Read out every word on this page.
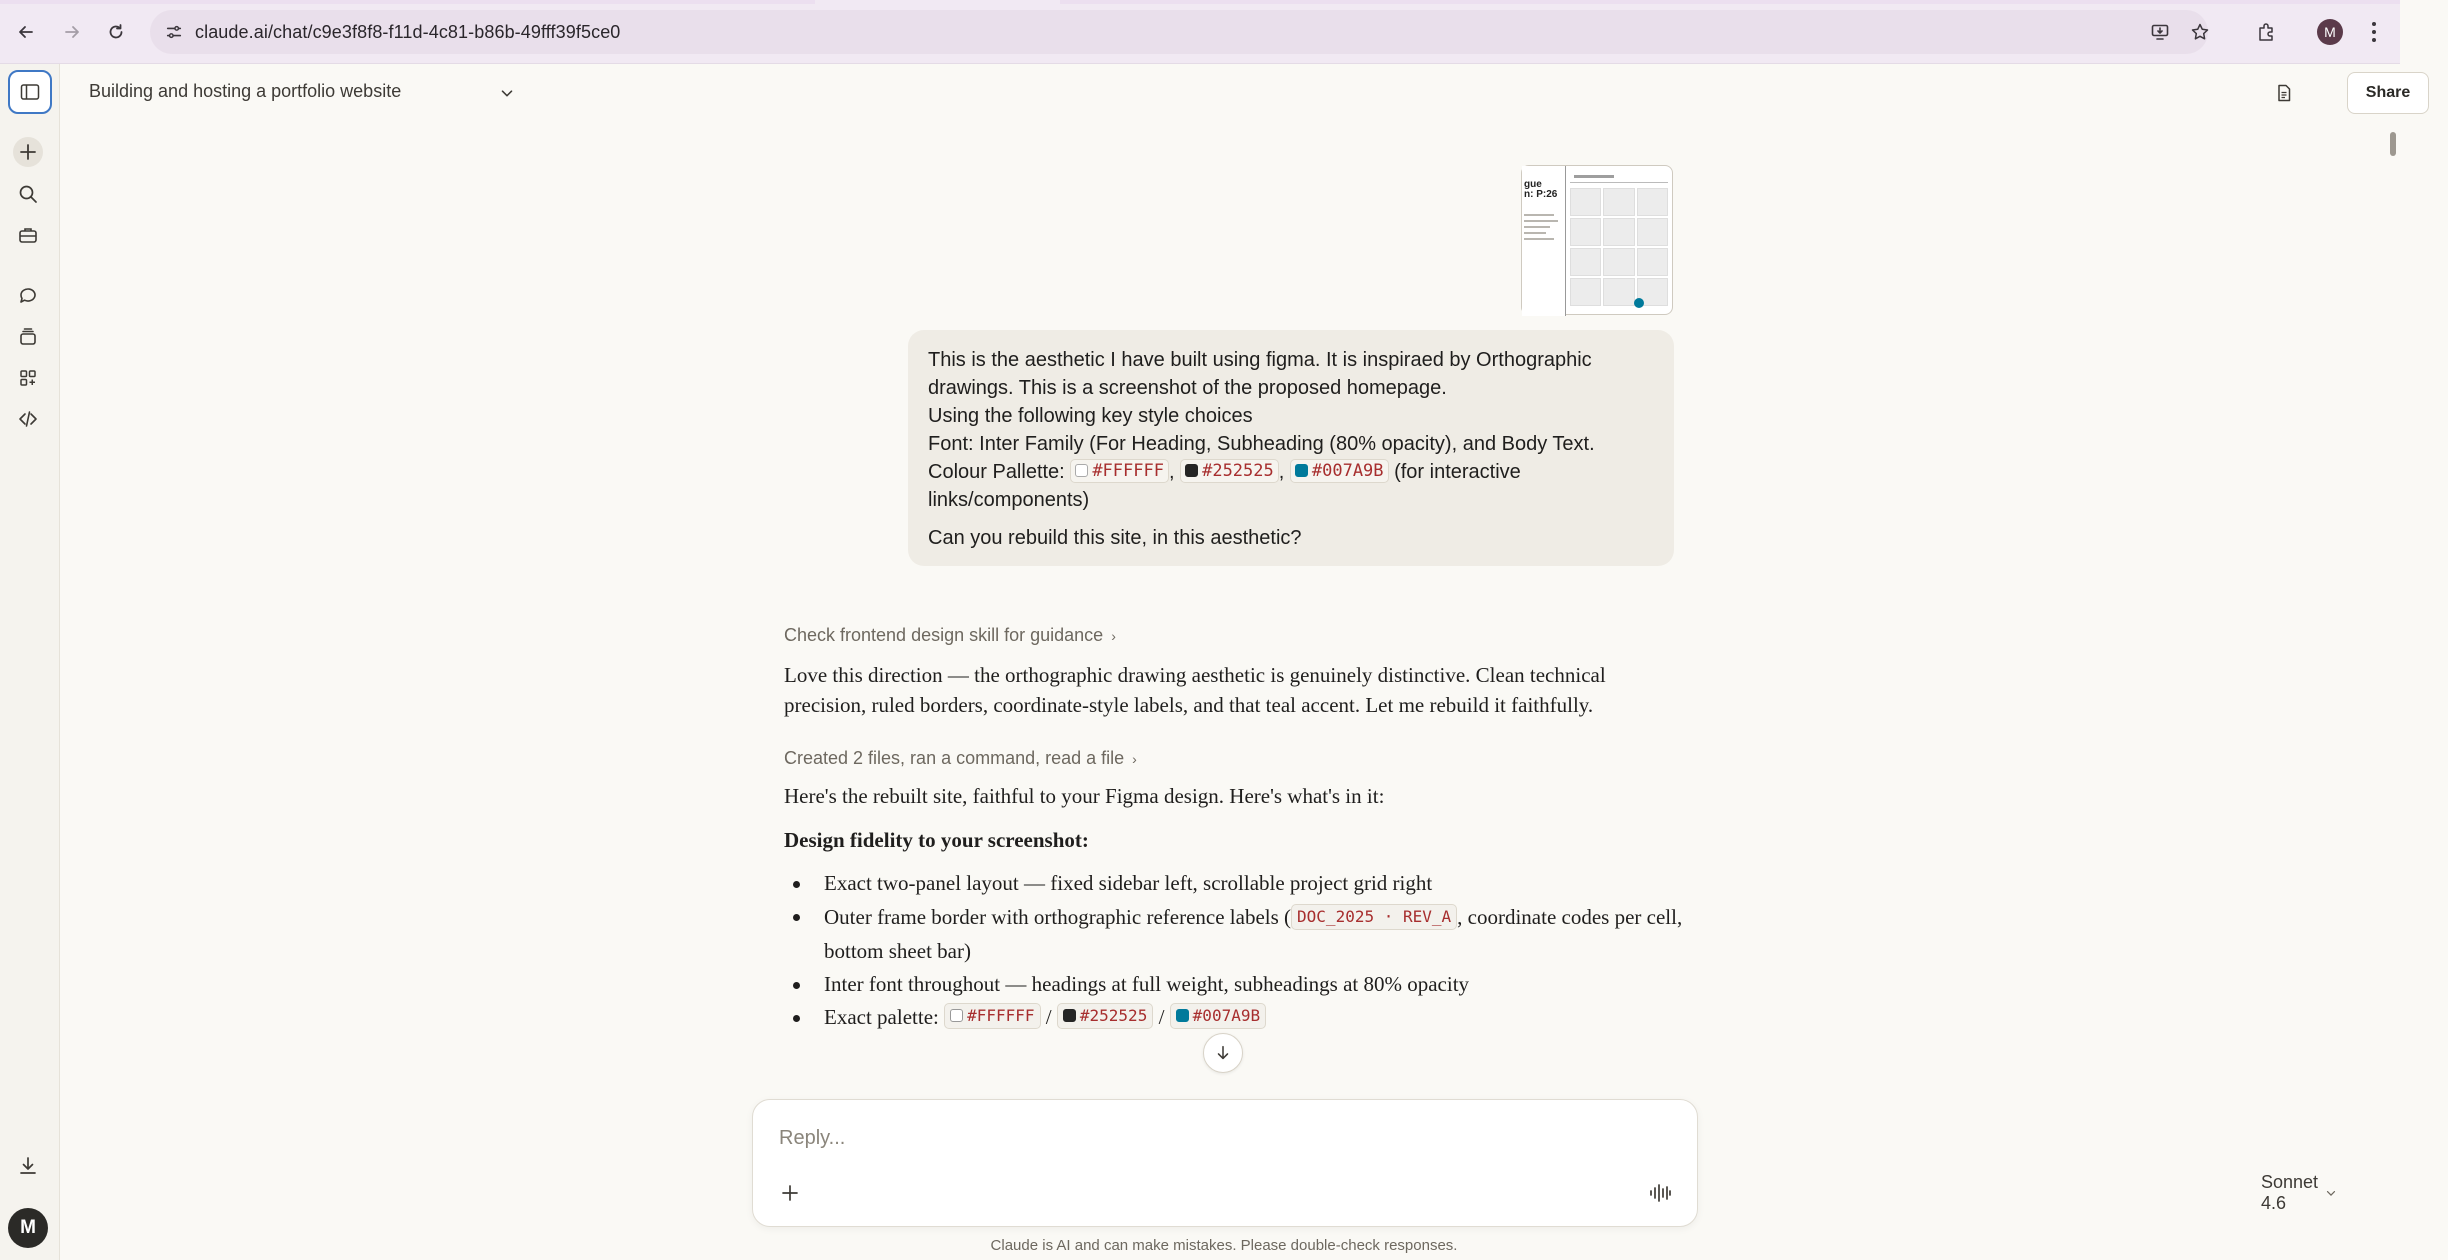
claude.ai/chat/c9e3f8f8-f11d-4c81-b86b-49fff39f5ce0	M
M
Building and hosting a portfolio website	Share
gue
n: P:26

This is the aesthetic I have built using figma. It is inspiraed by Orthographic drawings. This is a screenshot of the proposed homepage.

Using the following key style choices

Font: Inter Family (For Heading, Subheading (80% opacity), and Body Text.

Colour Pallette: #FFFFFF , #252525 , #007A9B (for interactive links/components)

Can you rebuild this site, in this aesthetic?

Check frontend design skill for guidance ›

Love this direction — the orthographic drawing aesthetic is genuinely distinctive. Clean technical precision, ruled borders, coordinate-style labels, and that teal accent. Let me rebuild it faithfully.

Created 2 files, ran a command, read a file ›

Here's the rebuilt site, faithful to your Figma design. Here's what's in it:

Design fidelity to your screenshot:

Exact two-panel layout — fixed sidebar left, scrollable project grid right
Outer frame border with orthographic reference labels ( DOC_2025 · REV_A , coordinate codes per cell, bottom sheet bar)
Inter font throughout — headings at full weight, subheadings at 80% opacity
Exact palette: #FFFFFF / #252525 / #007A9B
Reply...
Sonnet 4.6
Claude is AI and can make mistakes. Please double-check responses.
